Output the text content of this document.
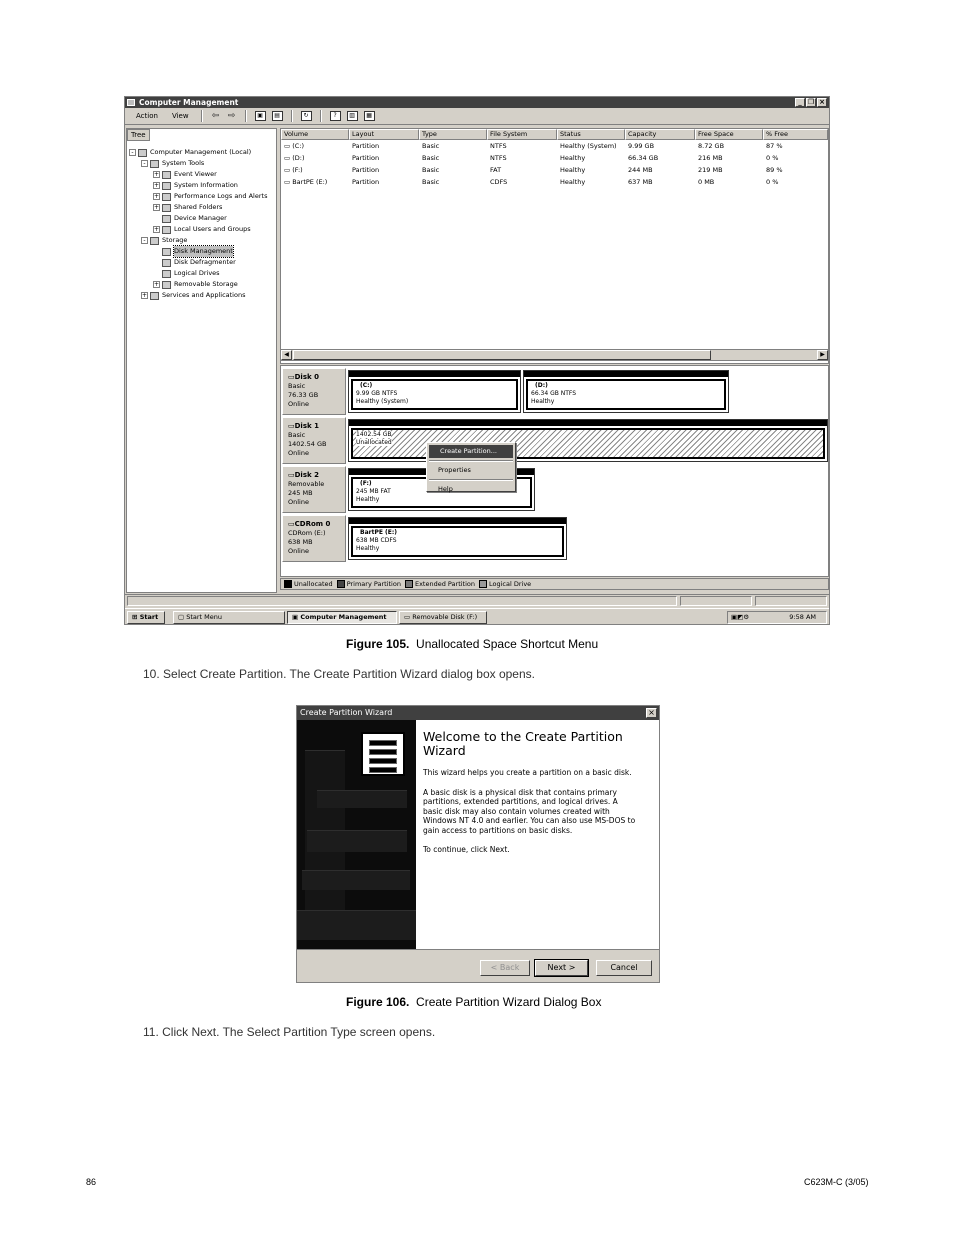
Computer Management	_ ❐ ×
Action	View	⇦ ⇨	▣	▤	↻	?	▥	▦
Tree
-	Computer Management (Local)
-	System Tools
+ Event Viewer
+ System Information
+ Performance Logs and Alerts
+ Shared Folders
Device Manager
+ Local Users and Groups
-	Storage
Disk Management
Disk Defragmenter
Logical Drives
+ Removable Storage
+ Services and Applications
Volume	Layout	Type	File System	Status	Capacity	Free Space	% Free
▭ (C:)	Partition	Basic	NTFS	Healthy (System)	9.99 GB	8.72 GB	87 %
▭ (D:)	Partition	Basic	NTFS	Healthy	66.34 GB	216 MB	0 %
▭ (F:)	Partition	Basic	FAT	Healthy	244 MB	219 MB	89 %
▭ BartPE (E:)	Partition	Basic	CDFS	Healthy	637 MB	0 MB	0 %
◀	▶
▭Disk 0
Basic
76.33 GB
Online
(C:)
9.99 GB NTFS
Healthy (System)
(D:)
66.34 GB NTFS
Healthy
▭Disk 1
Basic
1402.54 GB
Online
1402.54 GB
Unallocated
▭Disk 2
Removable
245 MB
Online
(F:)
245 MB FAT
Healthy
▭CDRom 0
CDRom (E:)
638 MB
Online
BartPE (E:)
638 MB CDFS
Healthy
Create Partition...
Properties
Help
Unallocated	Primary Partition	Extended Partition	Logical Drive
⊞ Start	▢ Start Menu	▣ Computer Management	▭ Removable Disk (F:)	▣◩⚙	9:58 AM
Figure 105. Unallocated Space Shortcut Menu
10. Select Create Partition. The Create Partition Wizard dialog box opens.
Create Partition Wizard	×
Welcome to the Create Partition Wizard

This wizard helps you create a partition on a basic disk.

A basic disk is a physical disk that contains primary partitions, extended partitions, and logical drives. A basic disk may also contain volumes created with Windows NT 4.0 and earlier. You can also use MS-DOS to gain access to partitions on basic disks.

To continue, click Next.

< Back	Next >	Cancel
Figure 106. Create Partition Wizard Dialog Box
11. Click Next. The Select Partition Type screen opens.
86	C623M-C (3/05)
